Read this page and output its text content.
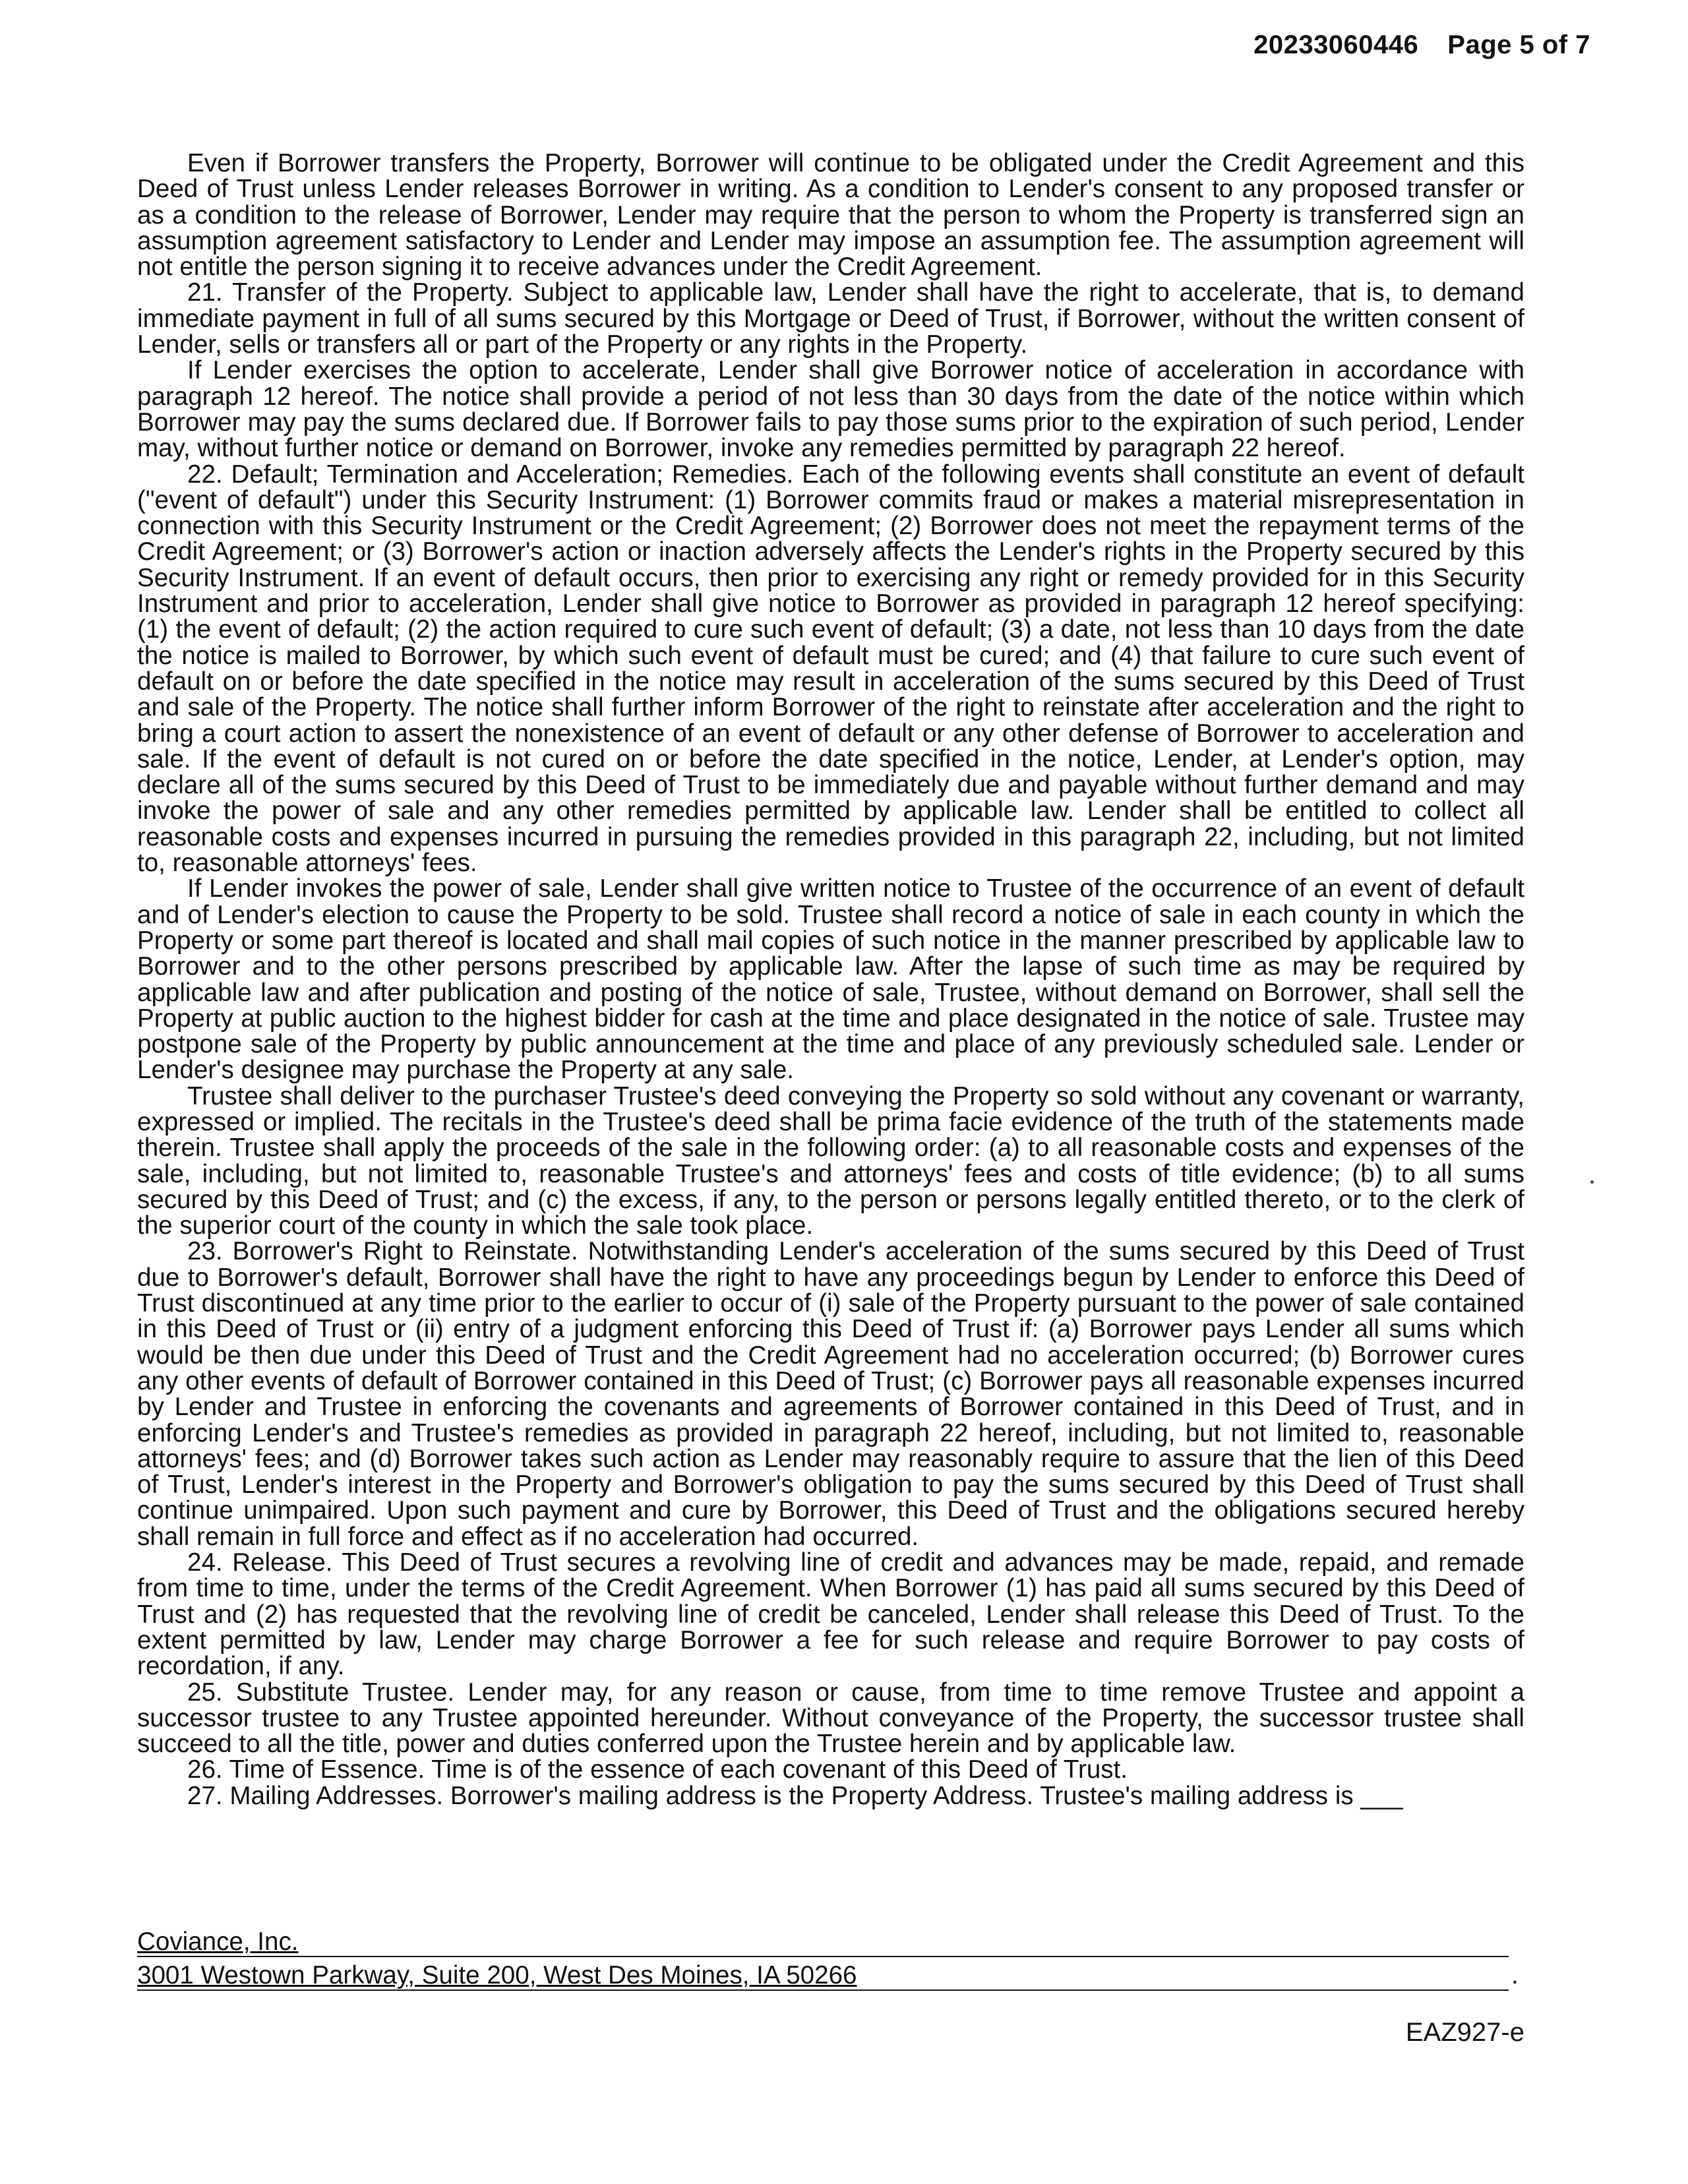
20233060446 Page 5 of 7

Even if Borrower transfers the Property, Borrower will continue to be obligated under the Credit Agreement and this Deed of Trust unless Lender releases Borrower in writing. As a condition to Lender's consent to any proposed transfer or as a condition to the release of Borrower, Lender may require that the person to whom the Property is transferred sign an assumption agreement satisfactory to Lender and Lender may impose an assumption fee. The assumption agreement will not entitle the person signing it to receive advances under the Credit Agreement.

21. Transfer of the Property. Subject to applicable law, Lender shall have the right to accelerate, that is, to demand immediate payment in full of all sums secured by this Mortgage or Deed of Trust, if Borrower, without the written consent of Lender, sells or transfers all or part of the Property or any rights in the Property.

If Lender exercises the option to accelerate, Lender shall give Borrower notice of acceleration in accordance with paragraph 12 hereof. The notice shall provide a period of not less than 30 days from the date of the notice within which Borrower may pay the sums declared due. If Borrower fails to pay those sums prior to the expiration of such period, Lender may, without further notice or demand on Borrower, invoke any remedies permitted by paragraph 22 hereof.

22. Default; Termination and Acceleration; Remedies. Each of the following events shall constitute an event of default ("event of default") under this Security Instrument: (1) Borrower commits fraud or makes a material misrepresentation in connection with this Security Instrument or the Credit Agreement; (2) Borrower does not meet the repayment terms of the Credit Agreement; or (3) Borrower's action or inaction adversely affects the Lender's rights in the Property secured by this Security Instrument. If an event of default occurs, then prior to exercising any right or remedy provided for in this Security Instrument and prior to acceleration, Lender shall give notice to Borrower as provided in paragraph 12 hereof specifying: (1) the event of default; (2) the action required to cure such event of default; (3) a date, not less than 10 days from the date the notice is mailed to Borrower, by which such event of default must be cured; and (4) that failure to cure such event of default on or before the date specified in the notice may result in acceleration of the sums secured by this Deed of Trust and sale of the Property. The notice shall further inform Borrower of the right to reinstate after acceleration and the right to bring a court action to assert the nonexistence of an event of default or any other defense of Borrower to acceleration and sale. If the event of default is not cured on or before the date specified in the notice, Lender, at Lender's option, may declare all of the sums secured by this Deed of Trust to be immediately due and payable without further demand and may invoke the power of sale and any other remedies permitted by applicable law. Lender shall be entitled to collect all reasonable costs and expenses incurred in pursuing the remedies provided in this paragraph 22, including, but not limited to, reasonable attorneys' fees.

If Lender invokes the power of sale, Lender shall give written notice to Trustee of the occurrence of an event of default and of Lender's election to cause the Property to be sold. Trustee shall record a notice of sale in each county in which the Property or some part thereof is located and shall mail copies of such notice in the manner prescribed by applicable law to Borrower and to the other persons prescribed by applicable law. After the lapse of such time as may be required by applicable law and after publication and posting of the notice of sale, Trustee, without demand on Borrower, shall sell the Property at public auction to the highest bidder for cash at the time and place designated in the notice of sale. Trustee may postpone sale of the Property by public announcement at the time and place of any previously scheduled sale. Lender or Lender's designee may purchase the Property at any sale.

Trustee shall deliver to the purchaser Trustee's deed conveying the Property so sold without any covenant or warranty, expressed or implied. The recitals in the Trustee's deed shall be prima facie evidence of the truth of the statements made therein. Trustee shall apply the proceeds of the sale in the following order: (a) to all reasonable costs and expenses of the sale, including, but not limited to, reasonable Trustee's and attorneys' fees and costs of title evidence; (b) to all sums secured by this Deed of Trust; and (c) the excess, if any, to the person or persons legally entitled thereto, or to the clerk of the superior court of the county in which the sale took place.

23. Borrower's Right to Reinstate. Notwithstanding Lender's acceleration of the sums secured by this Deed of Trust due to Borrower's default, Borrower shall have the right to have any proceedings begun by Lender to enforce this Deed of Trust discontinued at any time prior to the earlier to occur of (i) sale of the Property pursuant to the power of sale contained in this Deed of Trust or (ii) entry of a judgment enforcing this Deed of Trust if: (a) Borrower pays Lender all sums which would be then due under this Deed of Trust and the Credit Agreement had no acceleration occurred; (b) Borrower cures any other events of default of Borrower contained in this Deed of Trust; (c) Borrower pays all reasonable expenses incurred by Lender and Trustee in enforcing the covenants and agreements of Borrower contained in this Deed of Trust, and in enforcing Lender's and Trustee's remedies as provided in paragraph 22 hereof, including, but not limited to, reasonable attorneys' fees; and (d) Borrower takes such action as Lender may reasonably require to assure that the lien of this Deed of Trust, Lender's interest in the Property and Borrower's obligation to pay the sums secured by this Deed of Trust shall continue unimpaired. Upon such payment and cure by Borrower, this Deed of Trust and the obligations secured hereby shall remain in full force and effect as if no acceleration had occurred.

24. Release. This Deed of Trust secures a revolving line of credit and advances may be made, repaid, and remade from time to time, under the terms of the Credit Agreement. When Borrower (1) has paid all sums secured by this Deed of Trust and (2) has requested that the revolving line of credit be canceled, Lender shall release this Deed of Trust. To the extent permitted by law, Lender may charge Borrower a fee for such release and require Borrower to pay costs of recordation, if any.

25. Substitute Trustee. Lender may, for any reason or cause, from time to time remove Trustee and appoint a successor trustee to any Trustee appointed hereunder. Without conveyance of the Property, the successor trustee shall succeed to all the title, power and duties conferred upon the Trustee herein and by applicable law.

26. Time of Essence. Time is of the essence of each covenant of this Deed of Trust.

27. Mailing Addresses. Borrower's mailing address is the Property Address. Trustee's mailing address is ___

Coviance, Inc.
3001 Westown Parkway, Suite 200, West Des Moines, IA 50266	.
EAZ927-e
